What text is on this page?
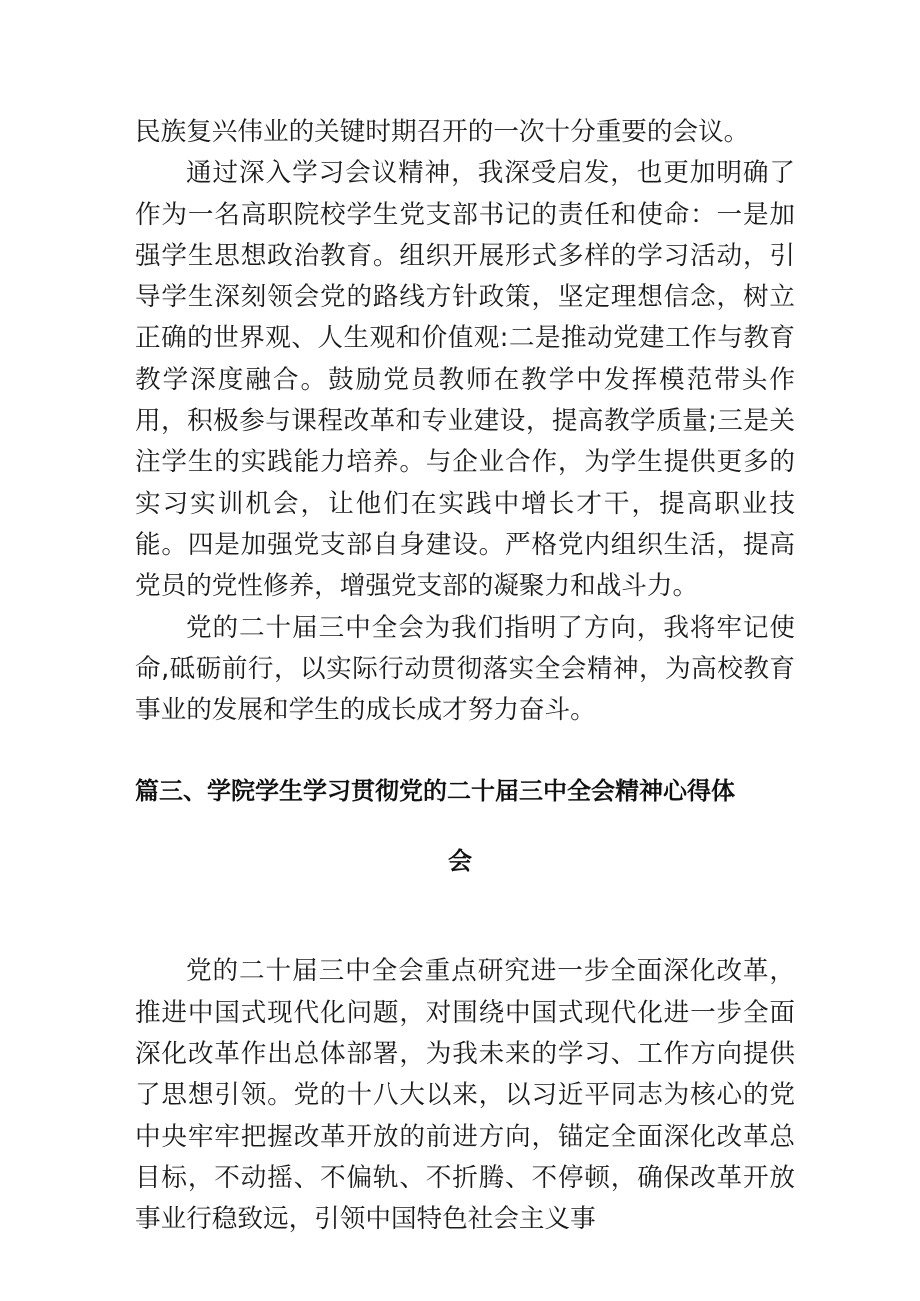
民族复兴伟业的关键时期召开的一次十分重要的会议。

通过深入学习会议精神，我深受启发，也更加明确了作为一名高职院校学生党支部书记的责任和使命：一是加强学生思想政治教育。组织开展形式多样的学习活动，引导学生深刻领会党的路线方针政策，坚定理想信念，树立正确的世界观、人生观和价值观:二是推动党建工作与教育教学深度融合。鼓励党员教师在教学中发挥模范带头作用，积极参与课程改革和专业建设，提高教学质量;三是关注学生的实践能力培养。与企业合作，为学生提供更多的实习实训机会，让他们在实践中增长才干，提高职业技能。四是加强党支部自身建设。严格党内组织生活，提高党员的党性修养，增强党支部的凝聚力和战斗力。

党的二十届三中全会为我们指明了方向，我将牢记使命,砥砺前行，以实际行动贯彻落实全会精神，为高校教育事业的发展和学生的成长成才努力奋斗。

篇三、学院学生学习贯彻党的二十届三中全会精神心得体
会

党的二十届三中全会重点研究进一步全面深化改革，推进中国式现代化问题，对围绕中国式现代化进一步全面深化改革作出总体部署，为我未来的学习、工作方向提供了思想引领。党的十八大以来，以习近平同志为核心的党中央牢牢把握改革开放的前进方向，锚定全面深化改革总目标，不动摇、不偏轨、不折腾、不停顿，确保改革开放事业行稳致远，引领中国特色社会主义事
